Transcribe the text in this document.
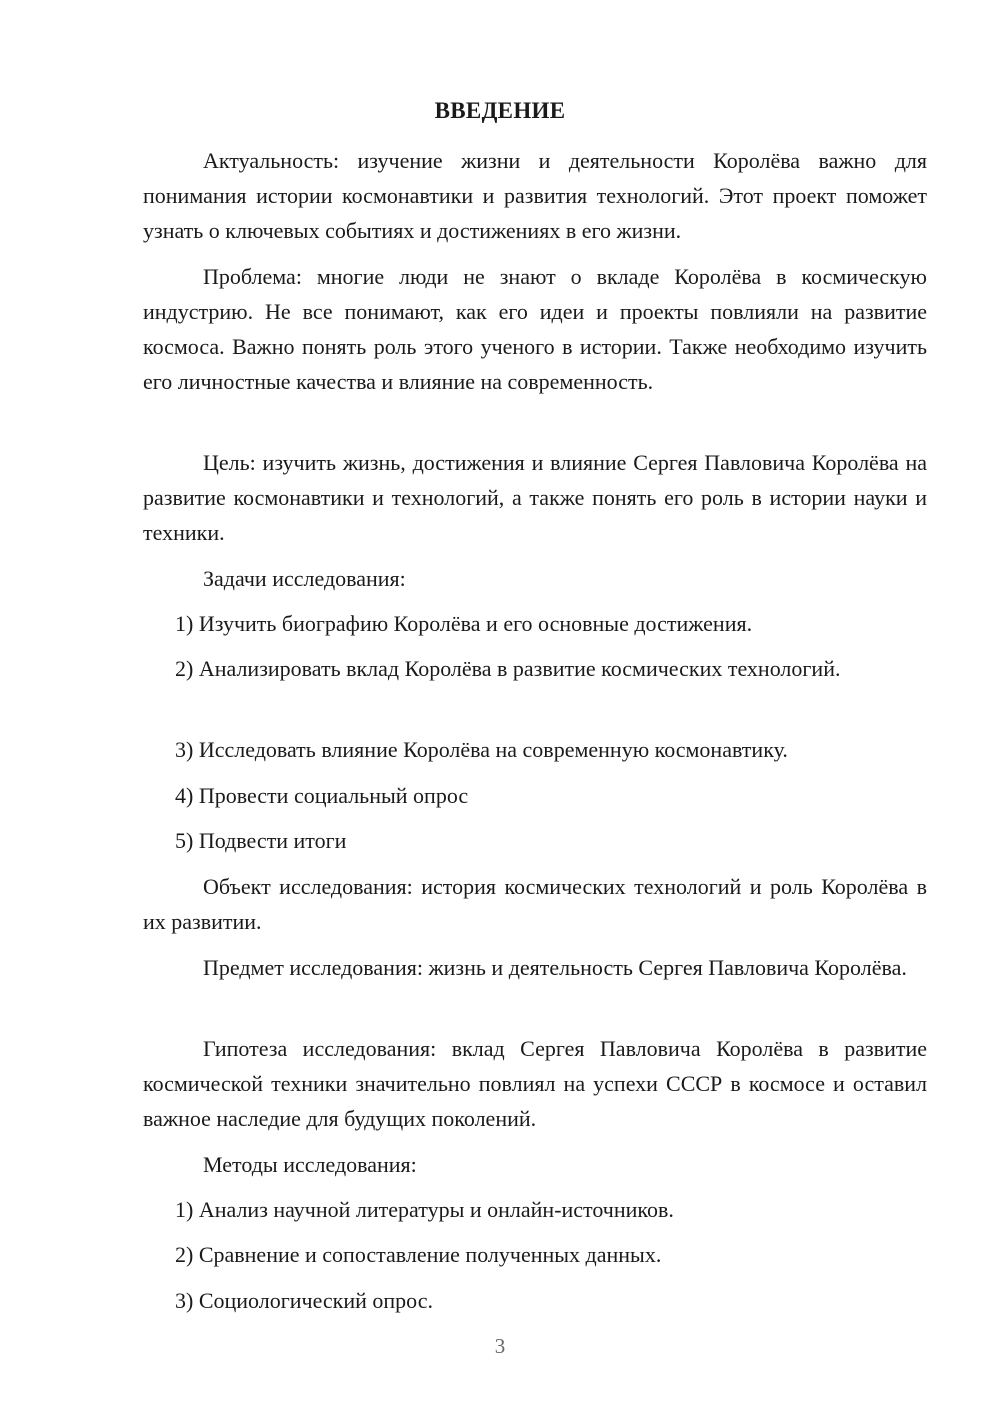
ВВЕДЕНИЕ
Актуальность: изучение жизни и деятельности Королёва важно для понимания истории космонавтики и развития технологий. Этот проект поможет узнать о ключевых событиях и достижениях в его жизни.
Проблема: многие люди не знают о вкладе Королёва в космическую индустрию. Не все понимают, как его идеи и проекты повлияли на развитие космоса. Важно понять роль этого ученого в истории. Также необходимо изучить его личностные качества и влияние на современность.
Цель: изучить жизнь, достижения и влияние Сергея Павловича Королёва на развитие космонавтики и технологий, а также понять его роль в истории науки и техники.
Задачи исследования:
1) Изучить биографию Королёва и его основные достижения.
2) Анализировать вклад Королёва в развитие космических технологий.
3) Исследовать влияние Королёва на современную космонавтику.
4) Провести социальный опрос
5) Подвести итоги
Объект исследования: история космических технологий и роль Королёва в их развитии.
Предмет исследования: жизнь и деятельность Сергея Павловича Королёва.
Гипотеза исследования: вклад Сергея Павловича Королёва в развитие космической техники значительно повлиял на успехи СССР в космосе и оставил важное наследие для будущих поколений.
Методы исследования:
1) Анализ научной литературы и онлайн-источников.
2) Сравнение и сопоставление полученных данных.
3) Социологический опрос.
3
